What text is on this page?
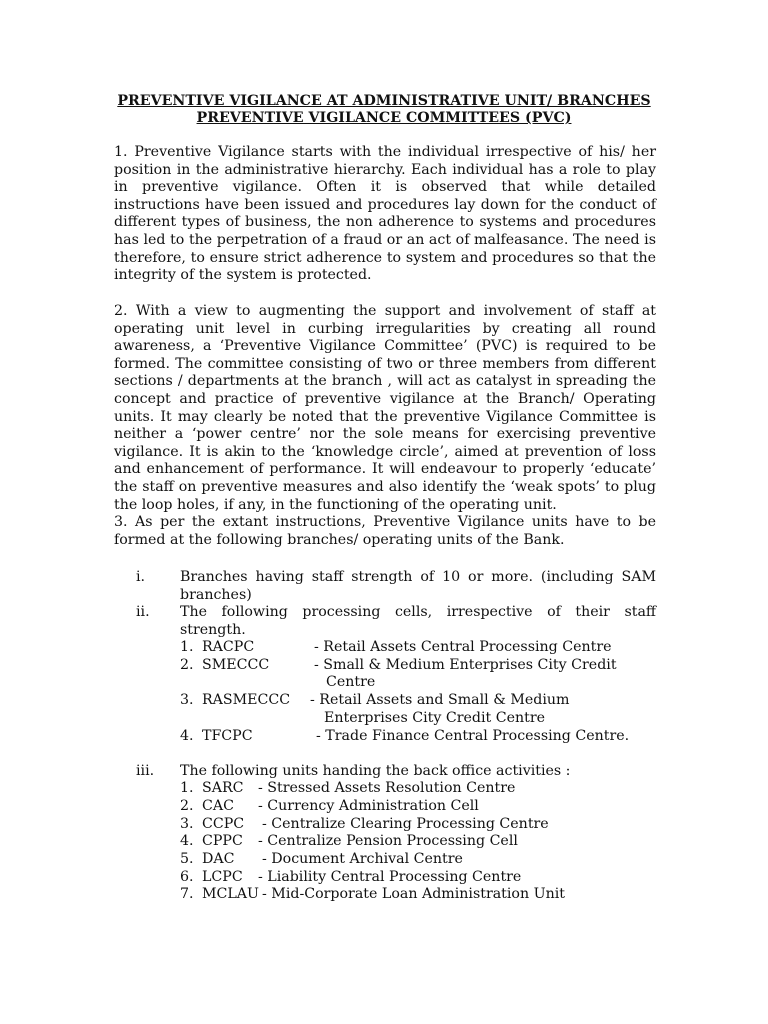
PREVENTIVE VIGILANCE AT ADMINISTRATIVE UNIT/ BRANCHES
PREVENTIVE VIGILANCE COMMITTEES (PVC)
1. Preventive Vigilance starts with the individual irrespective of his/ her position in the administrative hierarchy. Each individual has a role to play in preventive vigilance. Often it is observed that while detailed instructions have been issued and procedures lay down for the conduct of different types of business, the non adherence to systems and procedures has led to the perpetration of a fraud or an act of malfeasance. The need is therefore, to ensure strict adherence to system and procedures so that the integrity of the system is protected.
2. With a view to augmenting the support and involvement of staff at operating unit level in curbing irregularities by creating all round awareness, a ‘Preventive Vigilance Committee’ (PVC) is required to be formed. The committee consisting of two or three members from different sections / departments at the branch , will act as catalyst in spreading the concept and practice of preventive vigilance at the Branch/ Operating units. It may clearly be noted that the preventive Vigilance Committee is neither a ‘power centre’ nor the sole means for exercising preventive vigilance. It is akin to the ‘knowledge circle’, aimed at prevention of loss and enhancement of performance. It will endeavour to properly ‘educate’ the staff on preventive measures and also identify the ‘weak spots’ to plug the loop holes, if any, in the functioning of the operating unit.
3. As per the extant instructions, Preventive Vigilance units have to be formed at the following branches/ operating units of the Bank.
i. Branches having staff strength of 10 or more. (including SAM branches)
ii. The following processing cells, irrespective of their staff strength.
1. RACPC	- Retail Assets Central Processing Centre
2. SMECCC	- Small & Medium Enterprises City Credit
Centre
3. RASMECCC - Retail Assets and Small & Medium
Enterprises City Credit Centre
4. TFCPC	- Trade Finance Central Processing Centre.
iii. The following units handing the back office activities :
1. SARC - Stressed Assets Resolution Centre
2. CAC - Currency Administration Cell
3. CCPC - Centralize Clearing Processing Centre
4. CPPC - Centralize Pension Processing Cell
5. DAC - Document Archival Centre
6. LCPC - Liability Central Processing Centre
7. MCLAU - Mid-Corporate Loan Administration Unit
